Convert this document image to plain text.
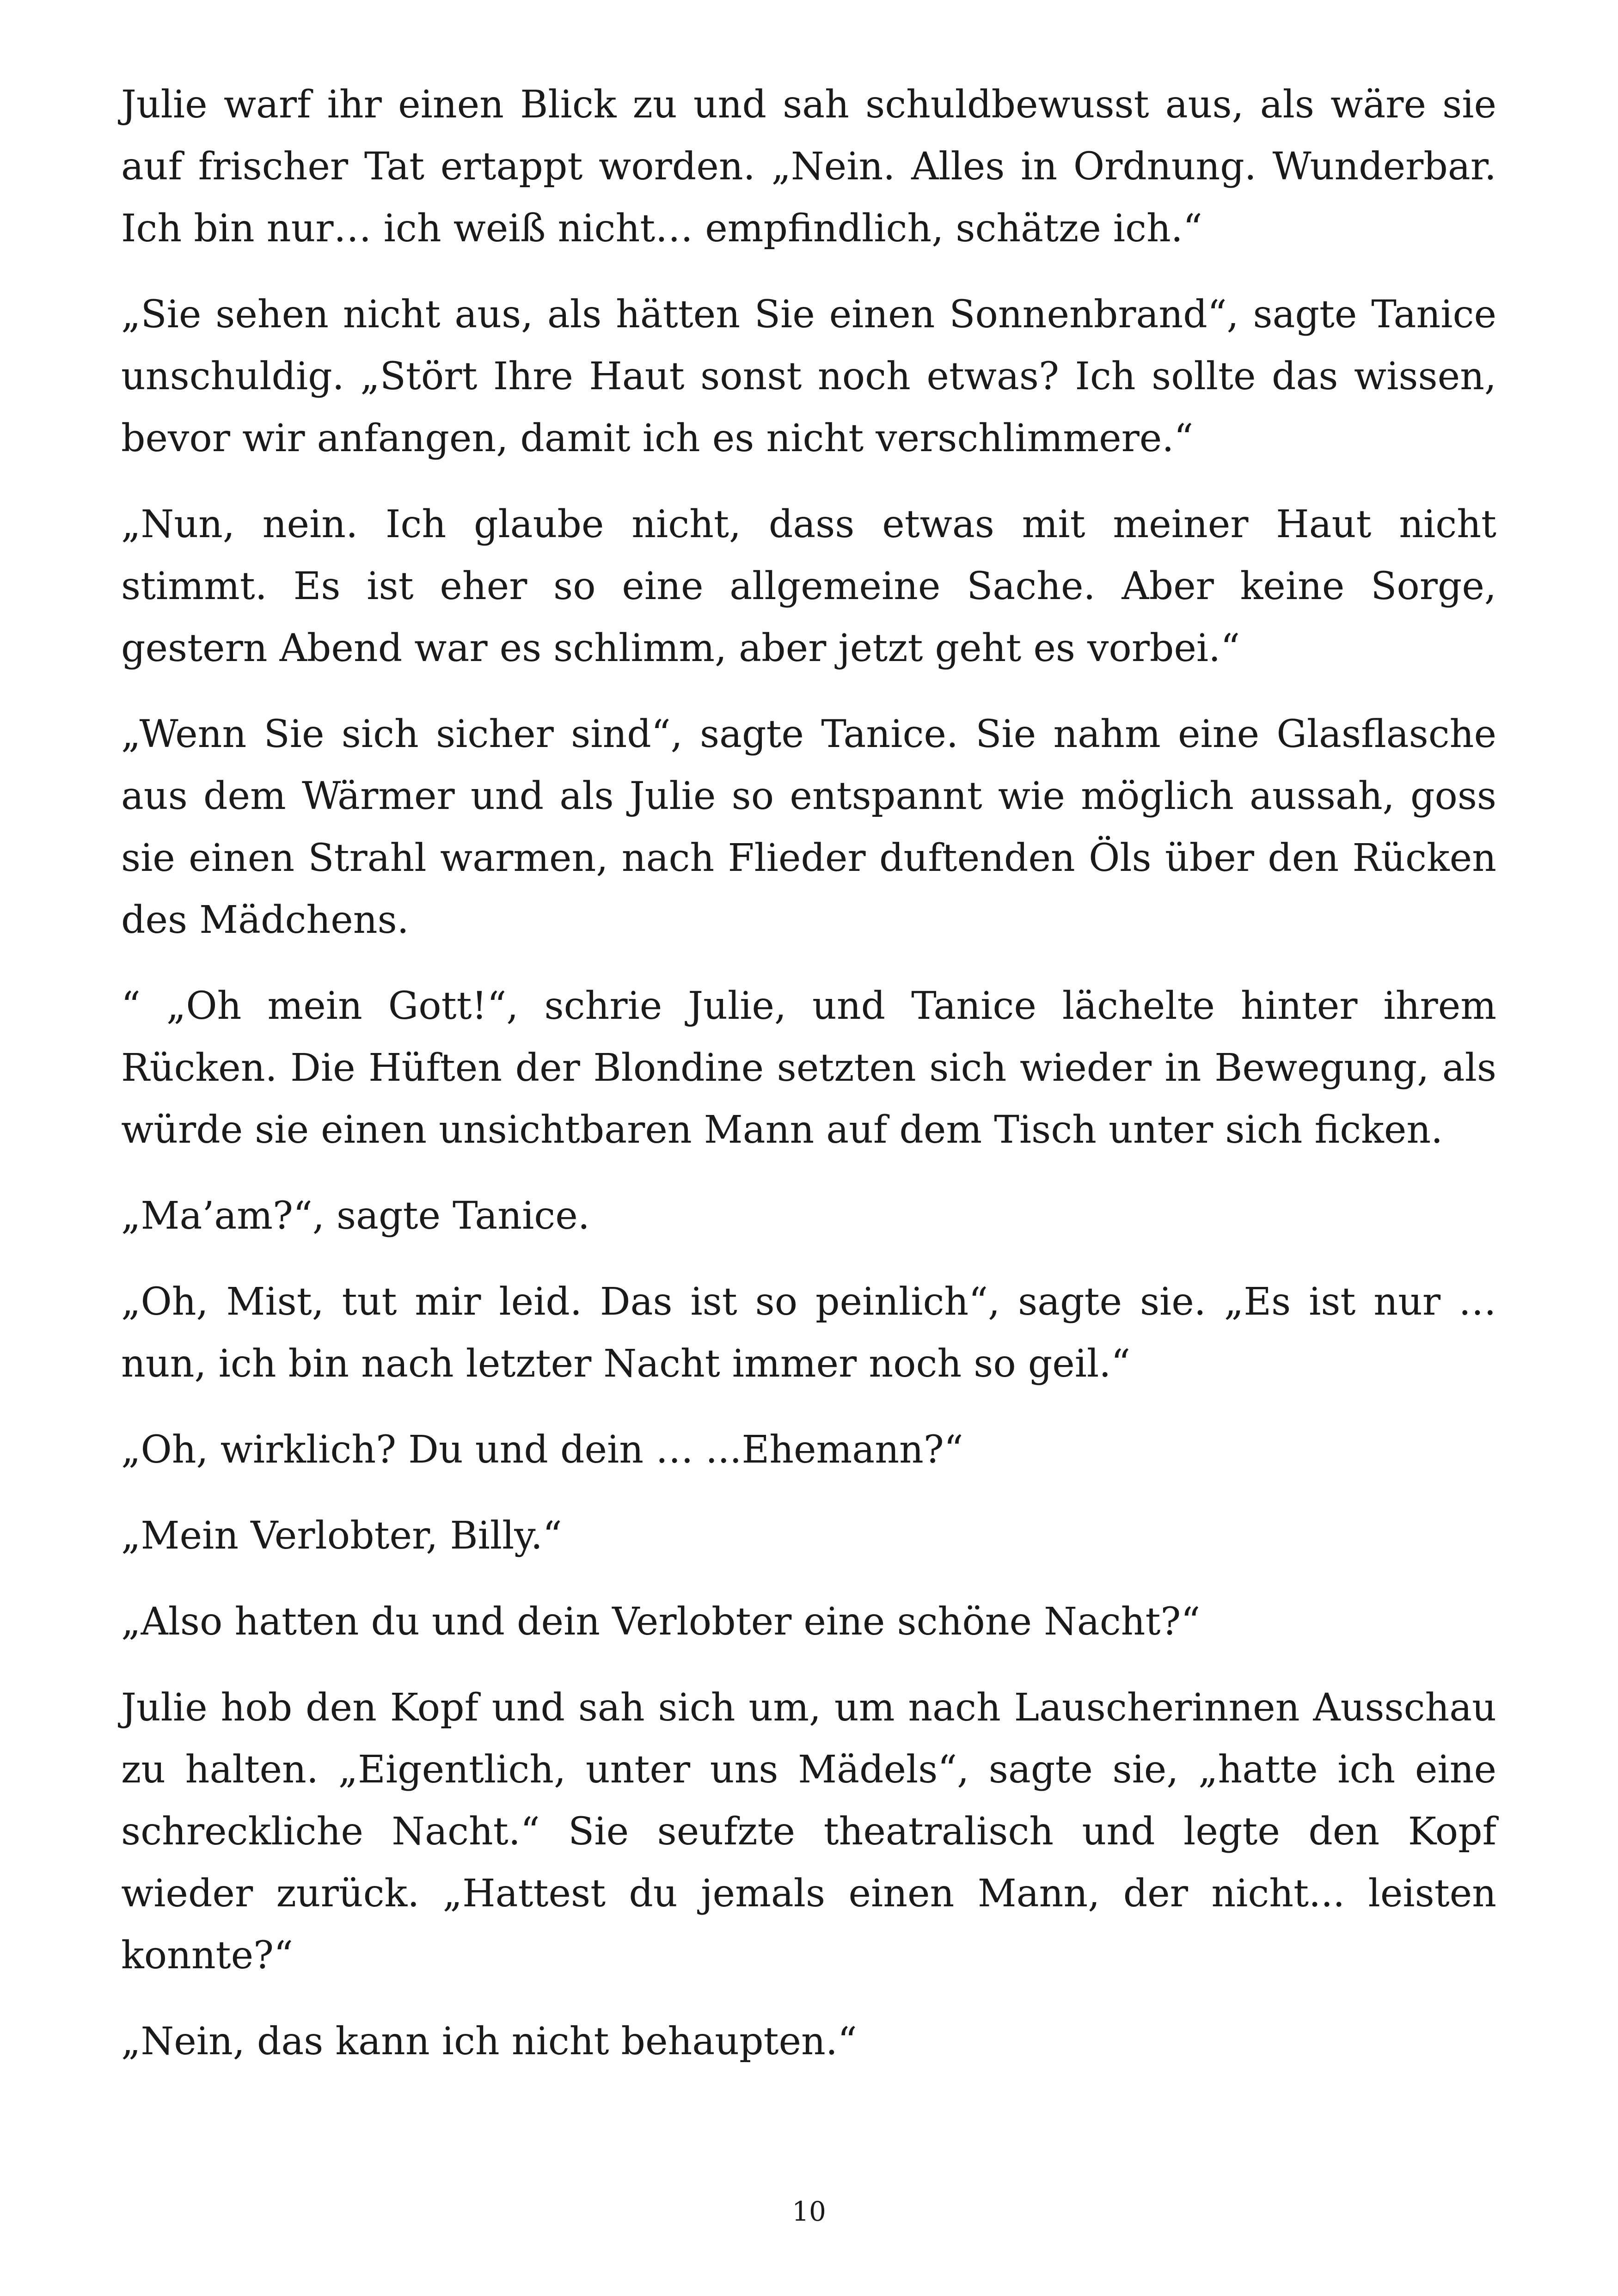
Julie warf ihr einen Blick zu und sah schuldbewusst aus, als wäre sie auf frischer Tat ertappt worden. „Nein. Alles in Ordnung. Wunderbar. Ich bin nur… ich weiß nicht… empfindlich, schätze ich.“

„Sie sehen nicht aus, als hätten Sie einen Sonnenbrand“, sagte Tanice unschuldig. „Stört Ihre Haut sonst noch etwas? Ich sollte das wissen, bevor wir anfangen, damit ich es nicht verschlimmere.“

„Nun, nein. Ich glaube nicht, dass etwas mit meiner Haut nicht stimmt. Es ist eher so eine allgemeine Sache. Aber keine Sorge, gestern Abend war es schlimm, aber jetzt geht es vorbei.“

„Wenn Sie sich sicher sind“, sagte Tanice. Sie nahm eine Glasflasche aus dem Wärmer und als Julie so entspannt wie möglich aussah, goss sie einen Strahl warmen, nach Flieder duftenden Öls über den Rücken des Mädchens.

“ „Oh mein Gott!“, schrie Julie, und Tanice lächelte hinter ihrem Rücken. Die Hüften der Blondine setzten sich wieder in Bewegung, als würde sie einen unsichtbaren Mann auf dem Tisch unter sich ficken.

„Ma’am?“, sagte Tanice.

„Oh, Mist, tut mir leid. Das ist so peinlich“, sagte sie. „Es ist nur … nun, ich bin nach letzter Nacht immer noch so geil.“

„Oh, wirklich? Du und dein … ...Ehemann?“

„Mein Verlobter, Billy.“

„Also hatten du und dein Verlobter eine schöne Nacht?“

Julie hob den Kopf und sah sich um, um nach Lauscherinnen Ausschau zu halten. „Eigentlich, unter uns Mädels“, sagte sie, „hatte ich eine schreckliche Nacht.“ Sie seufzte theatralisch und legte den Kopf wieder zurück. „Hattest du jemals einen Mann, der nicht... leisten konnte?“

„Nein, das kann ich nicht behaupten.“

10
